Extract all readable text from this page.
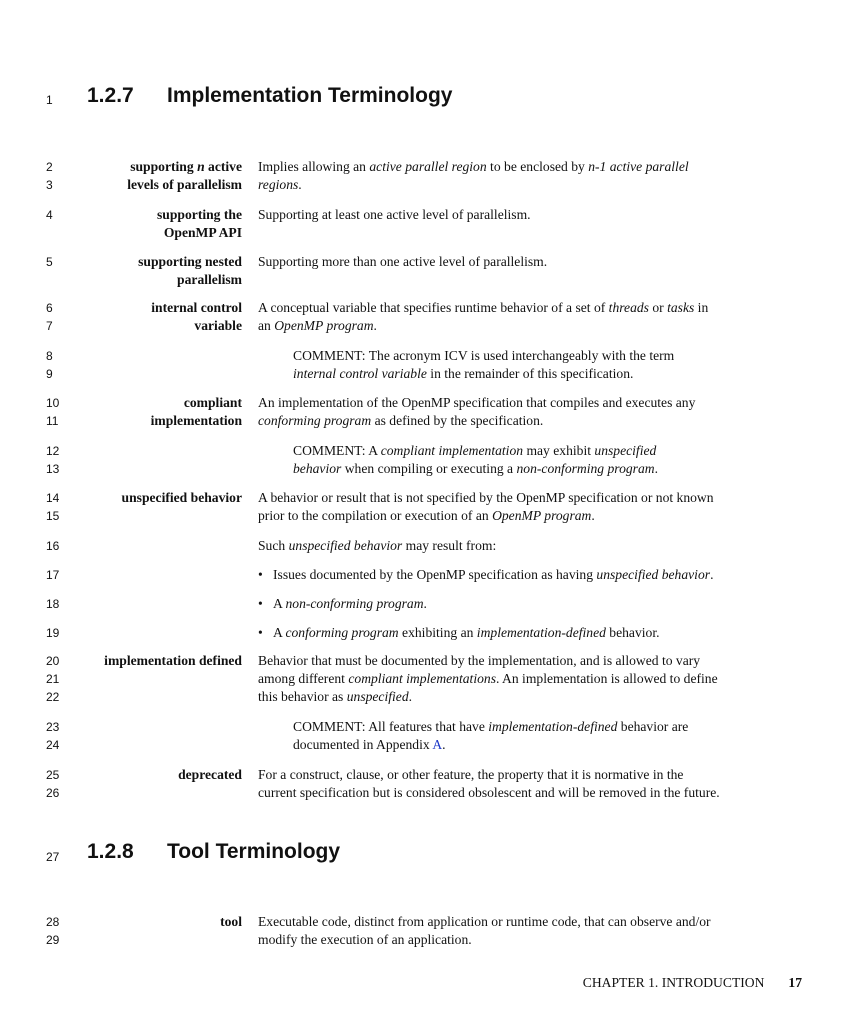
1
2
3
4
5
6
7
8
9
10
11
12
13
14
15
16
17
18
19
20
21
22
23
24
25
26
27
28
29
1.2.7 Implementation Terminology
1.2.8 Tool Terminology
supporting n active
levels of parallelism
Implies allowing an active parallel region to be enclosed by n-1 active parallel
regions.
supporting the
OpenMP API
Supporting at least one active level of parallelism.
supporting nested
parallelism
Supporting more than one active level of parallelism.
internal control
variable
A conceptual variable that specifies runtime behavior of a set of threads or tasks in
an OpenMP program.
COMMENT: The acronym ICV is used interchangeably with the term
internal control variable in the remainder of this specification.
compliant
implementation
An implementation of the OpenMP specification that compiles and executes any
conforming program as defined by the specification.
COMMENT: A compliant implementation may exhibit unspecified
behavior when compiling or executing a non-conforming program.
unspecified behavior A behavior or result that is not specified by the OpenMP specification or not known
prior to the compilation or execution of an OpenMP program.
Such unspecified behavior may result from:
• Issues documented by the OpenMP specification as having unspecified behavior.
• A non-conforming program.
• A conforming program exhibiting an implementation-defined behavior.
implementation defined Behavior that must be documented by the implementation, and is allowed to vary
among different compliant implementations. An implementation is allowed to define
this behavior as unspecified.
COMMENT: All features that have implementation-defined behavior are
documented in Appendix A.
deprecated For a construct, clause, or other feature, the property that it is normative in the
current specification but is considered obsolescent and will be removed in the future.
tool Executable code, distinct from application or runtime code, that can observe and/or
modify the execution of an application.
CHAPTER 1. INTRODUCTION 17
